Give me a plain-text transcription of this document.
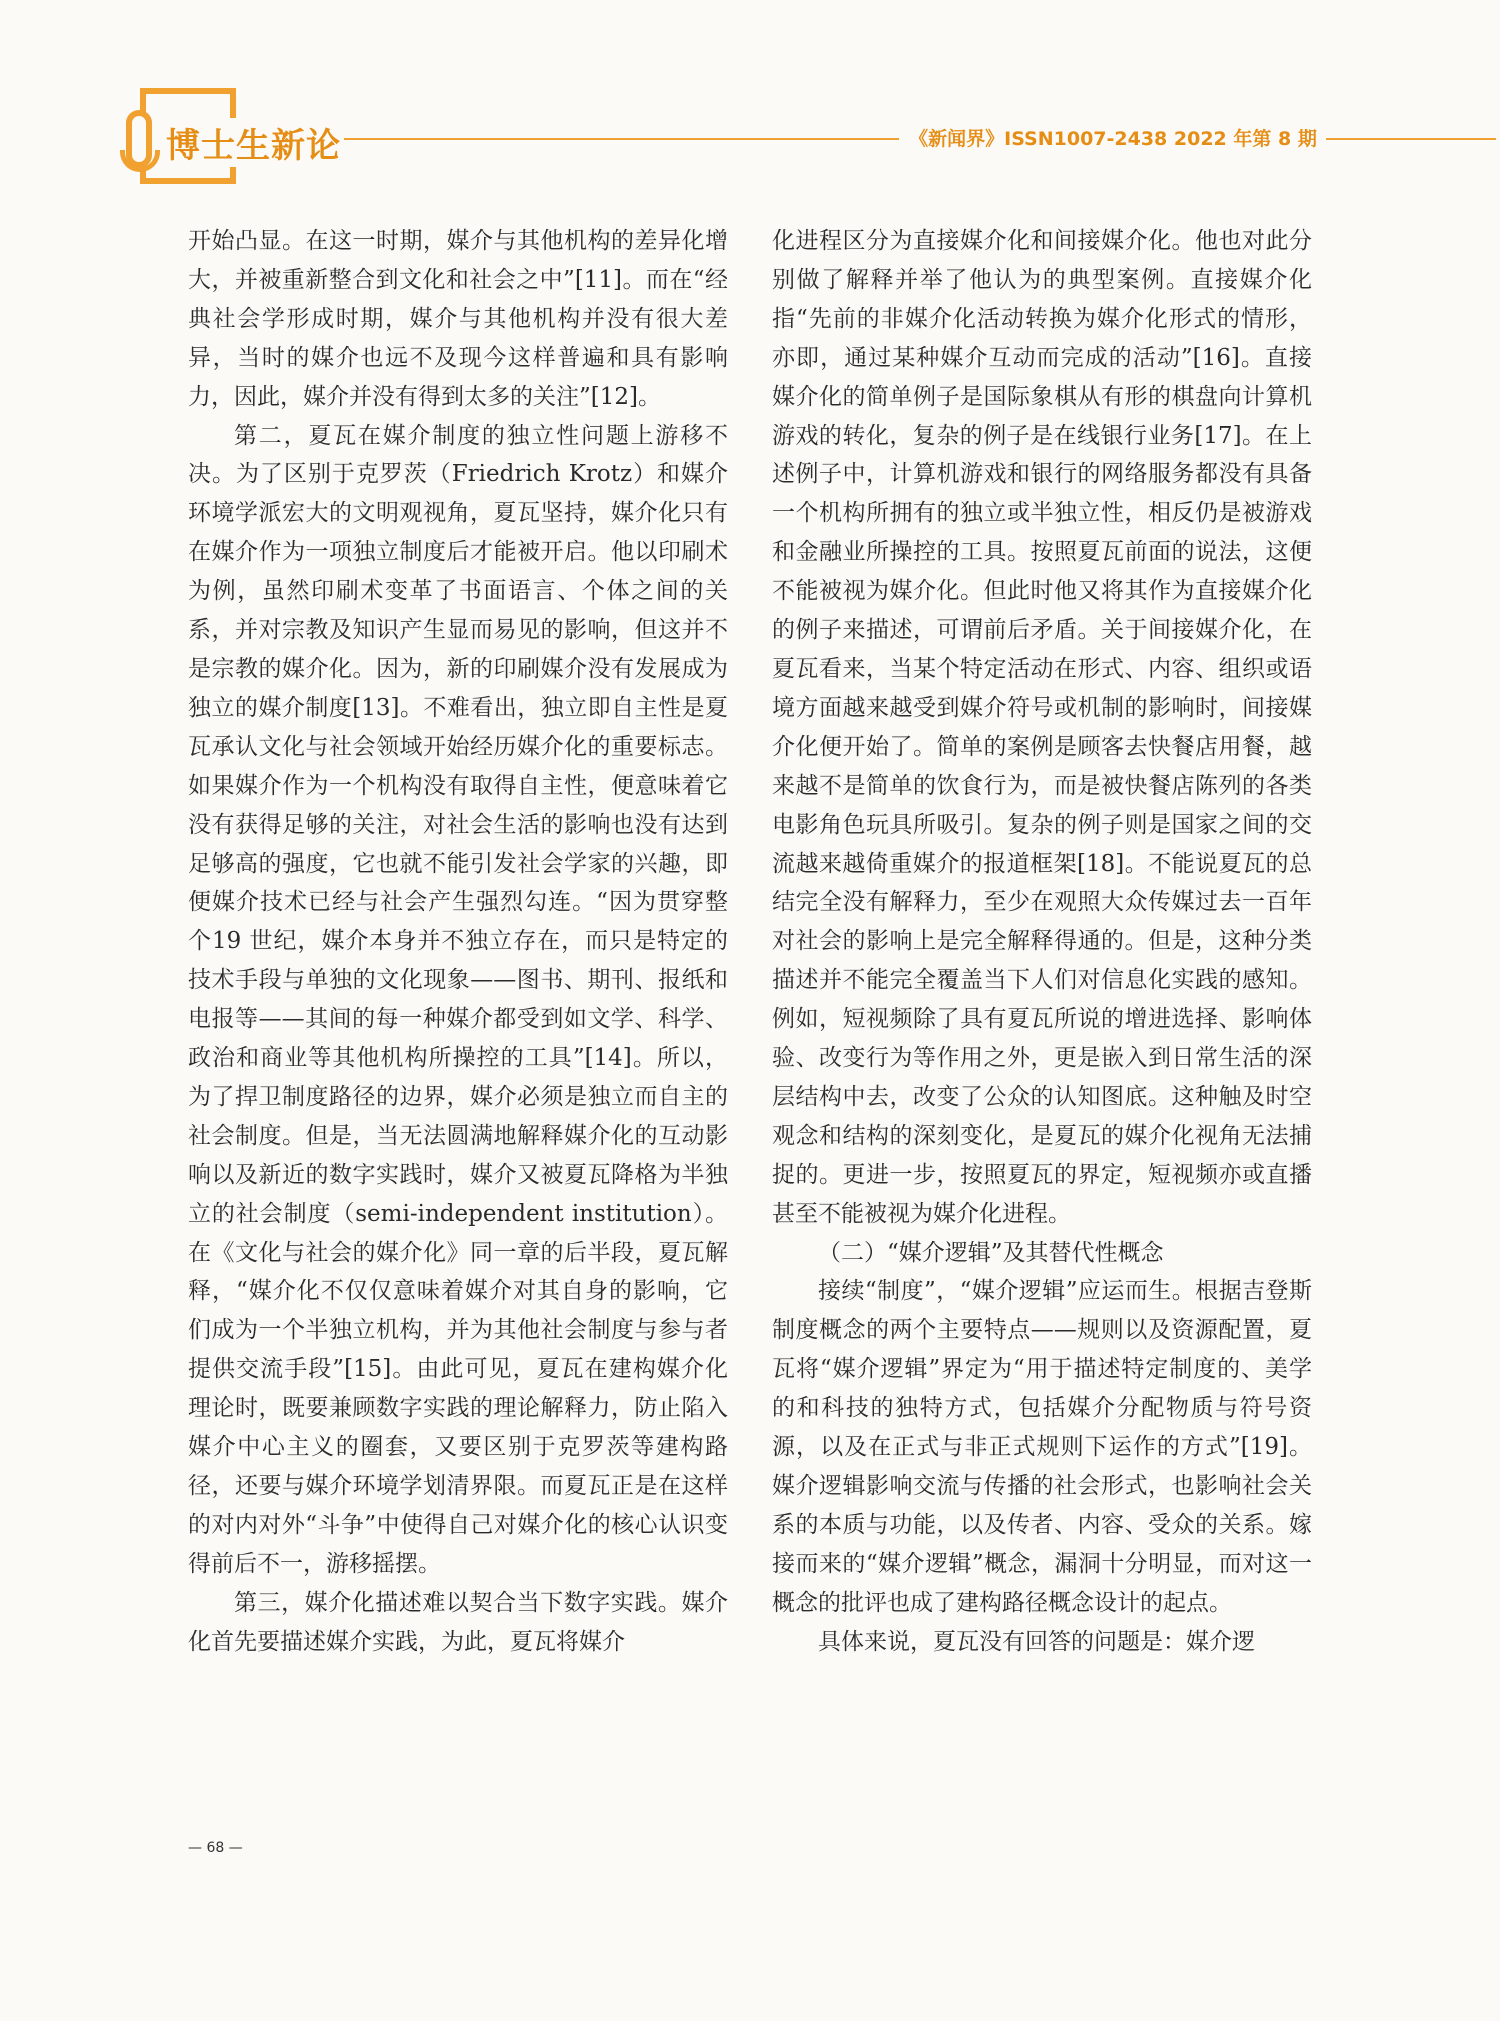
博士生新论	《新闻界》ISSN1007-2438 2022 年第 8 期

开始凸显。在这一时期，媒介与其他机构的差异化增大，并被重新整合到文化和社会之中”[11]。而在“经典社会学形成时期，媒介与其他机构并没有很大差异，当时的媒介也远不及现今这样普遍和具有影响力，因此，媒介并没有得到太多的关注”[12]。

第二，夏瓦在媒介制度的独立性问题上游移不决。为了区别于克罗茨（Friedrich Krotz）和媒介环境学派宏大的文明观视角，夏瓦坚持，媒介化只有在媒介作为一项独立制度后才能被开启。他以印刷术为例，虽然印刷术变革了书面语言、个体之间的关系，并对宗教及知识产生显而易见的影响，但这并不是宗教的媒介化。因为，新的印刷媒介没有发展成为独立的媒介制度[13]。不难看出，独立即自主性是夏瓦承认文化与社会领域开始经历媒介化的重要标志。如果媒介作为一个机构没有取得自主性，便意味着它没有获得足够的关注，对社会生活的影响也没有达到足够高的强度，它也就不能引发社会学家的兴趣，即便媒介技术已经与社会产生强烈勾连。“因为贯穿整个19 世纪，媒介本身并不独立存在，而只是特定的技术手段与单独的文化现象——图书、期刊、报纸和电报等——其间的每一种媒介都受到如文学、科学、政治和商业等其他机构所操控的工具”[14]。所以，为了捍卫制度路径的边界，媒介必须是独立而自主的社会制度。但是，当无法圆满地解释媒介化的互动影响以及新近的数字实践时，媒介又被夏瓦降格为半独立的社会制度（semi-independent institution）。在《文化与社会的媒介化》同一章的后半段，夏瓦解释，“媒介化不仅仅意味着媒介对其自身的影响，它们成为一个半独立机构，并为其他社会制度与参与者提供交流手段”[15]。由此可见，夏瓦在建构媒介化理论时，既要兼顾数字实践的理论解释力，防止陷入媒介中心主义的圈套，又要区别于克罗茨等建构路径，还要与媒介环境学划清界限。而夏瓦正是在这样的对内对外“斗争”中使得自己对媒介化的核心认识变得前后不一，游移摇摆。

第三，媒介化描述难以契合当下数字实践。媒介化首先要描述媒介实践，为此，夏瓦将媒介

化进程区分为直接媒介化和间接媒介化。他也对此分别做了解释并举了他认为的典型案例。直接媒介化指“先前的非媒介化活动转换为媒介化形式的情形，亦即，通过某种媒介互动而完成的活动”[16]。直接媒介化的简单例子是国际象棋从有形的棋盘向计算机游戏的转化，复杂的例子是在线银行业务[17]。在上述例子中，计算机游戏和银行的网络服务都没有具备一个机构所拥有的独立或半独立性，相反仍是被游戏和金融业所操控的工具。按照夏瓦前面的说法，这便不能被视为媒介化。但此时他又将其作为直接媒介化的例子来描述，可谓前后矛盾。关于间接媒介化，在夏瓦看来，当某个特定活动在形式、内容、组织或语境方面越来越受到媒介符号或机制的影响时，间接媒介化便开始了。简单的案例是顾客去快餐店用餐，越来越不是简单的饮食行为，而是被快餐店陈列的各类电影角色玩具所吸引。复杂的例子则是国家之间的交流越来越倚重媒介的报道框架[18]。不能说夏瓦的总结完全没有解释力，至少在观照大众传媒过去一百年对社会的影响上是完全解释得通的。但是，这种分类描述并不能完全覆盖当下人们对信息化实践的感知。例如，短视频除了具有夏瓦所说的增进选择、影响体验、改变行为等作用之外，更是嵌入到日常生活的深层结构中去，改变了公众的认知图底。这种触及时空观念和结构的深刻变化，是夏瓦的媒介化视角无法捕捉的。更进一步，按照夏瓦的界定，短视频亦或直播甚至不能被视为媒介化进程。

（二）“媒介逻辑”及其替代性概念

接续“制度”，“媒介逻辑”应运而生。根据吉登斯制度概念的两个主要特点——规则以及资源配置，夏瓦将“媒介逻辑”界定为“用于描述特定制度的、美学的和科技的独特方式，包括媒介分配物质与符号资源，以及在正式与非正式规则下运作的方式”[19]。媒介逻辑影响交流与传播的社会形式，也影响社会关系的本质与功能，以及传者、内容、受众的关系。嫁接而来的“媒介逻辑”概念，漏洞十分明显，而对这一概念的批评也成了建构路径概念设计的起点。

具体来说，夏瓦没有回答的问题是：媒介逻

— 68 —
